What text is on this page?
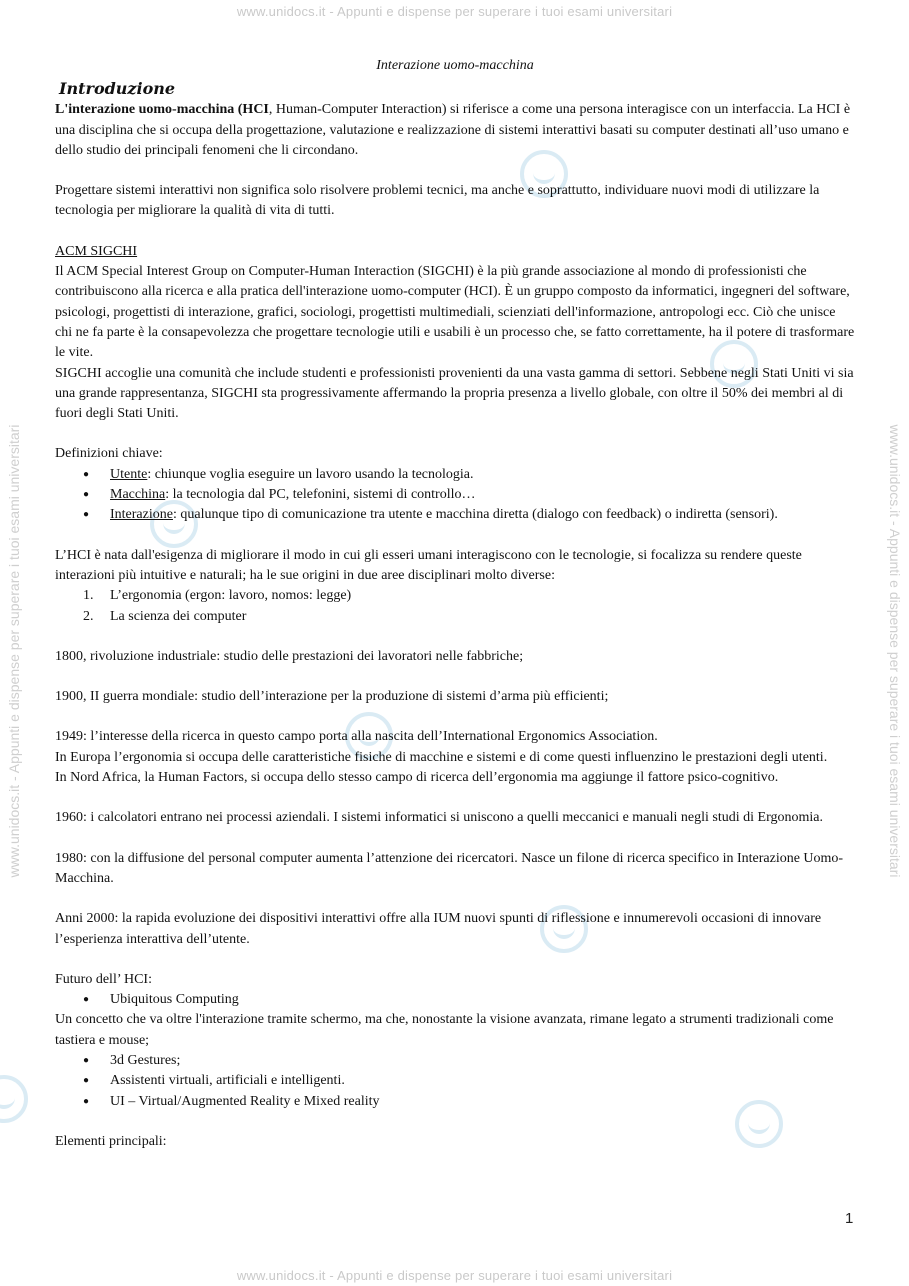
www.unidocs.it - Appunti e dispense per superare i tuoi esami universitari
www.unidocs.it - Appunti e dispense per superare i tuoi esami universitari
www.unidocs.it - Appunti e dispense per superare i tuoi esami universitari	www.unidocs.it - Appunti e dispense per superare i tuoi esami universitari

Interazione uomo-macchina

Introduzione

L'interazione uomo-macchina (HCI, Human-Computer Interaction) si riferisce a come una persona interagisce con un interfaccia. La HCI è una disciplina che si occupa della progettazione, valutazione e realizzazione di sistemi interattivi basati su computer destinati all’uso umano e dello studio dei principali fenomeni che li circondano.

Progettare sistemi interattivi non significa solo risolvere problemi tecnici, ma anche e soprattutto, individuare nuovi modi di utilizzare la tecnologia per migliorare la qualità di vita di tutti.

ACM SIGCHI

Il ACM Special Interest Group on Computer-Human Interaction (SIGCHI) è la più grande associazione al mondo di professionisti che contribuiscono alla ricerca e alla pratica dell'interazione uomo-computer (HCI). È un gruppo composto da informatici, ingegneri del software, psicologi, progettisti di interazione, grafici, sociologi, progettisti multimediali, scienziati dell'informazione, antropologi ecc. Ciò che unisce chi ne fa parte è la consapevolezza che progettare tecnologie utili e usabili è un processo che, se fatto correttamente, ha il potere di trasformare le vite.

SIGCHI accoglie una comunità che include studenti e professionisti provenienti da una vasta gamma di settori. Sebbene negli Stati Uniti vi sia una grande rappresentanza, SIGCHI sta progressivamente affermando la propria presenza a livello globale, con oltre il 50% dei membri al di fuori degli Stati Uniti.

Definizioni chiave:

● Utente: chiunque voglia eseguire un lavoro usando la tecnologia.
● Macchina: la tecnologia dal PC, telefonini, sistemi di controllo…
● Interazione: qualunque tipo di comunicazione tra utente e macchina diretta (dialogo con feedback) o indiretta (sensori).

L’HCI è nata dall'esigenza di migliorare il modo in cui gli esseri umani interagiscono con le tecnologie, si focalizza su rendere queste interazioni più intuitive e naturali; ha le sue origini in due aree disciplinari molto diverse:

1. L’ergonomia (ergon: lavoro, nomos: legge)
2. La scienza dei computer

1800, rivoluzione industriale: studio delle prestazioni dei lavoratori nelle fabbriche;

1900, II guerra mondiale: studio dell’interazione per la produzione di sistemi d’arma più efficienti;

1949: l’interesse della ricerca in questo campo porta alla nascita dell’International Ergonomics Association.

In Europa l’ergonomia si occupa delle caratteristiche fisiche di macchine e sistemi e di come questi influenzino le prestazioni degli utenti.

In Nord Africa, la Human Factors, si occupa dello stesso campo di ricerca dell’ergonomia ma aggiunge il fattore psico-cognitivo.

1960: i calcolatori entrano nei processi aziendali. I sistemi informatici si uniscono a quelli meccanici e manuali negli studi di Ergonomia.

1980: con la diffusione del personal computer aumenta l’attenzione dei ricercatori. Nasce un filone di ricerca specifico in Interazione Uomo-Macchina.

Anni 2000: la rapida evoluzione dei dispositivi interattivi offre alla IUM nuovi spunti di riflessione e innumerevoli occasioni di innovare l’esperienza interattiva dell’utente.

Futuro dell’ HCI:

● Ubiquitous Computing

Un concetto che va oltre l'interazione tramite schermo, ma che, nonostante la visione avanzata, rimane legato a strumenti tradizionali come tastiera e mouse;

● 3d Gestures;
● Assistenti virtuali, artificiali e intelligenti.
● UI – Virtual/Augmented Reality e Mixed reality

Elementi principali:

1
